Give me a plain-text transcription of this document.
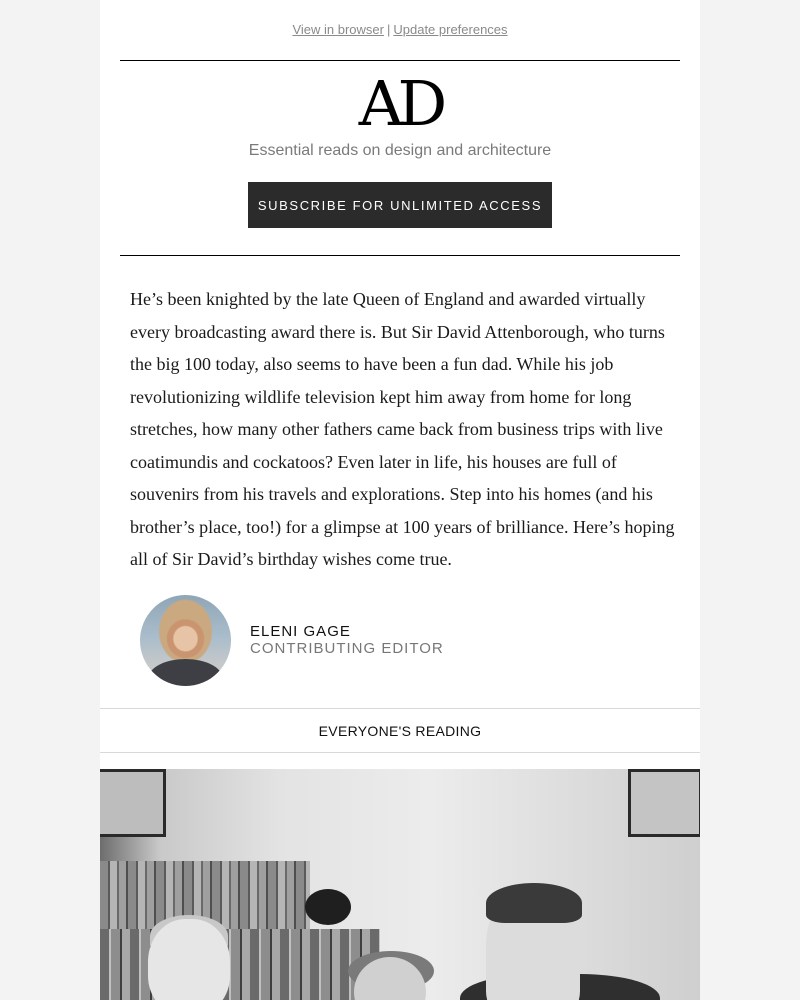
View in browser | Update preferences
AD
Essential reads on design and architecture
SUBSCRIBE FOR UNLIMITED ACCESS

He’s been knighted by the late Queen of England and awarded virtually every broadcasting award there is. But Sir David Attenborough, who turns the big 100 today, also seems to have been a fun dad. While his job revolutionizing wildlife television kept him away from home for long stretches, how many other fathers came back from business trips with live coatimundis and cockatoos? Even later in life, his houses are full of souvenirs from his travels and explorations. Step into his homes (and his brother’s place, too!) for a glimpse at 100 years of brilliance. Here’s hoping all of Sir David’s birthday wishes come true.

ELENI GAGE
CONTRIBUTING EDITOR
EVERYONE'S READING
